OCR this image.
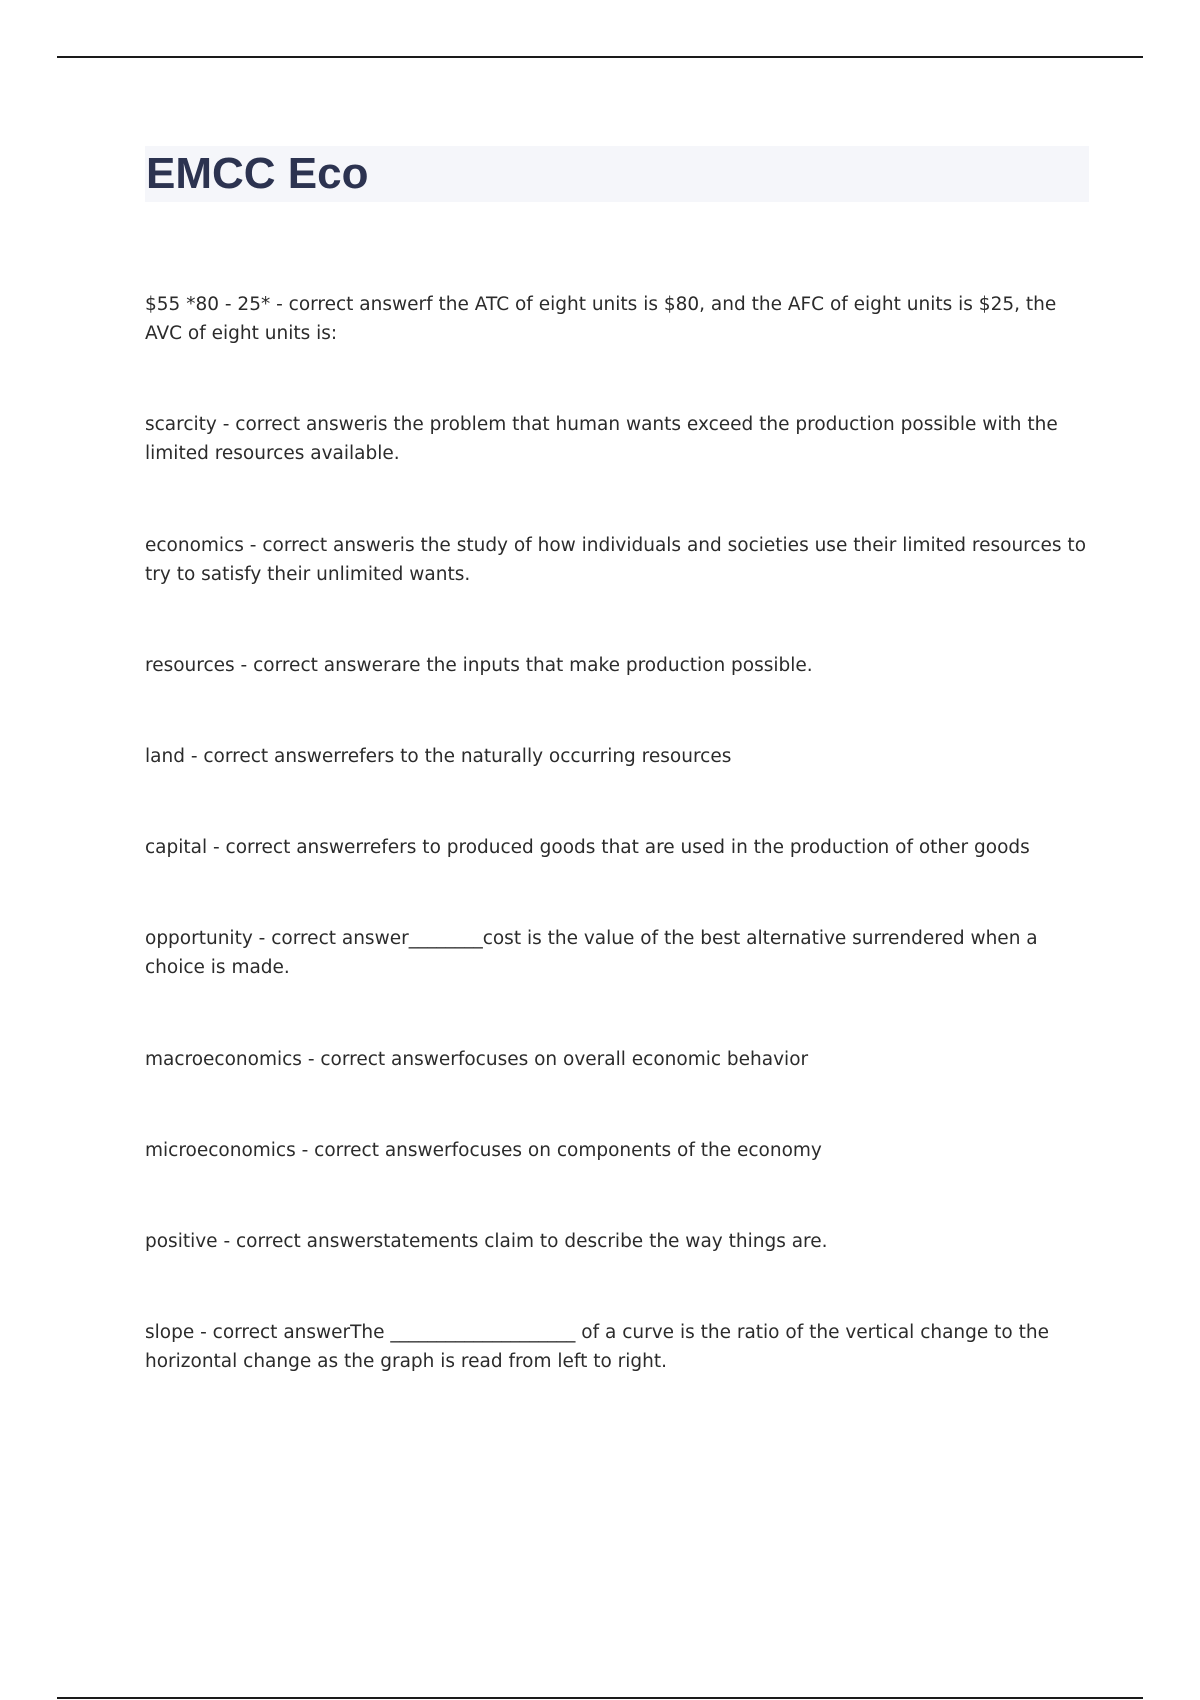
EMCC Eco

$55 *80 - 25* - correct answerf the ATC of eight units is $80, and the AFC of eight units is $25, the AVC of eight units is:

scarcity - correct answeris the problem that human wants exceed the production possible with the limited resources available.

economics - correct answeris the study of how individuals and societies use their limited resources to try to satisfy their unlimited wants.

resources - correct answerare the inputs that make production possible.

land - correct answerrefers to the naturally occurring resources

capital - correct answerrefers to produced goods that are used in the production of other goods

opportunity - correct answer________cost is the value of the best alternative surrendered when a choice is made.

macroeconomics - correct answerfocuses on overall economic behavior

microeconomics - correct answerfocuses on components of the economy

positive - correct answerstatements claim to describe the way things are.

slope - correct answerThe ____________________ of a curve is the ratio of the vertical change to the horizontal change as the graph is read from left to right.
